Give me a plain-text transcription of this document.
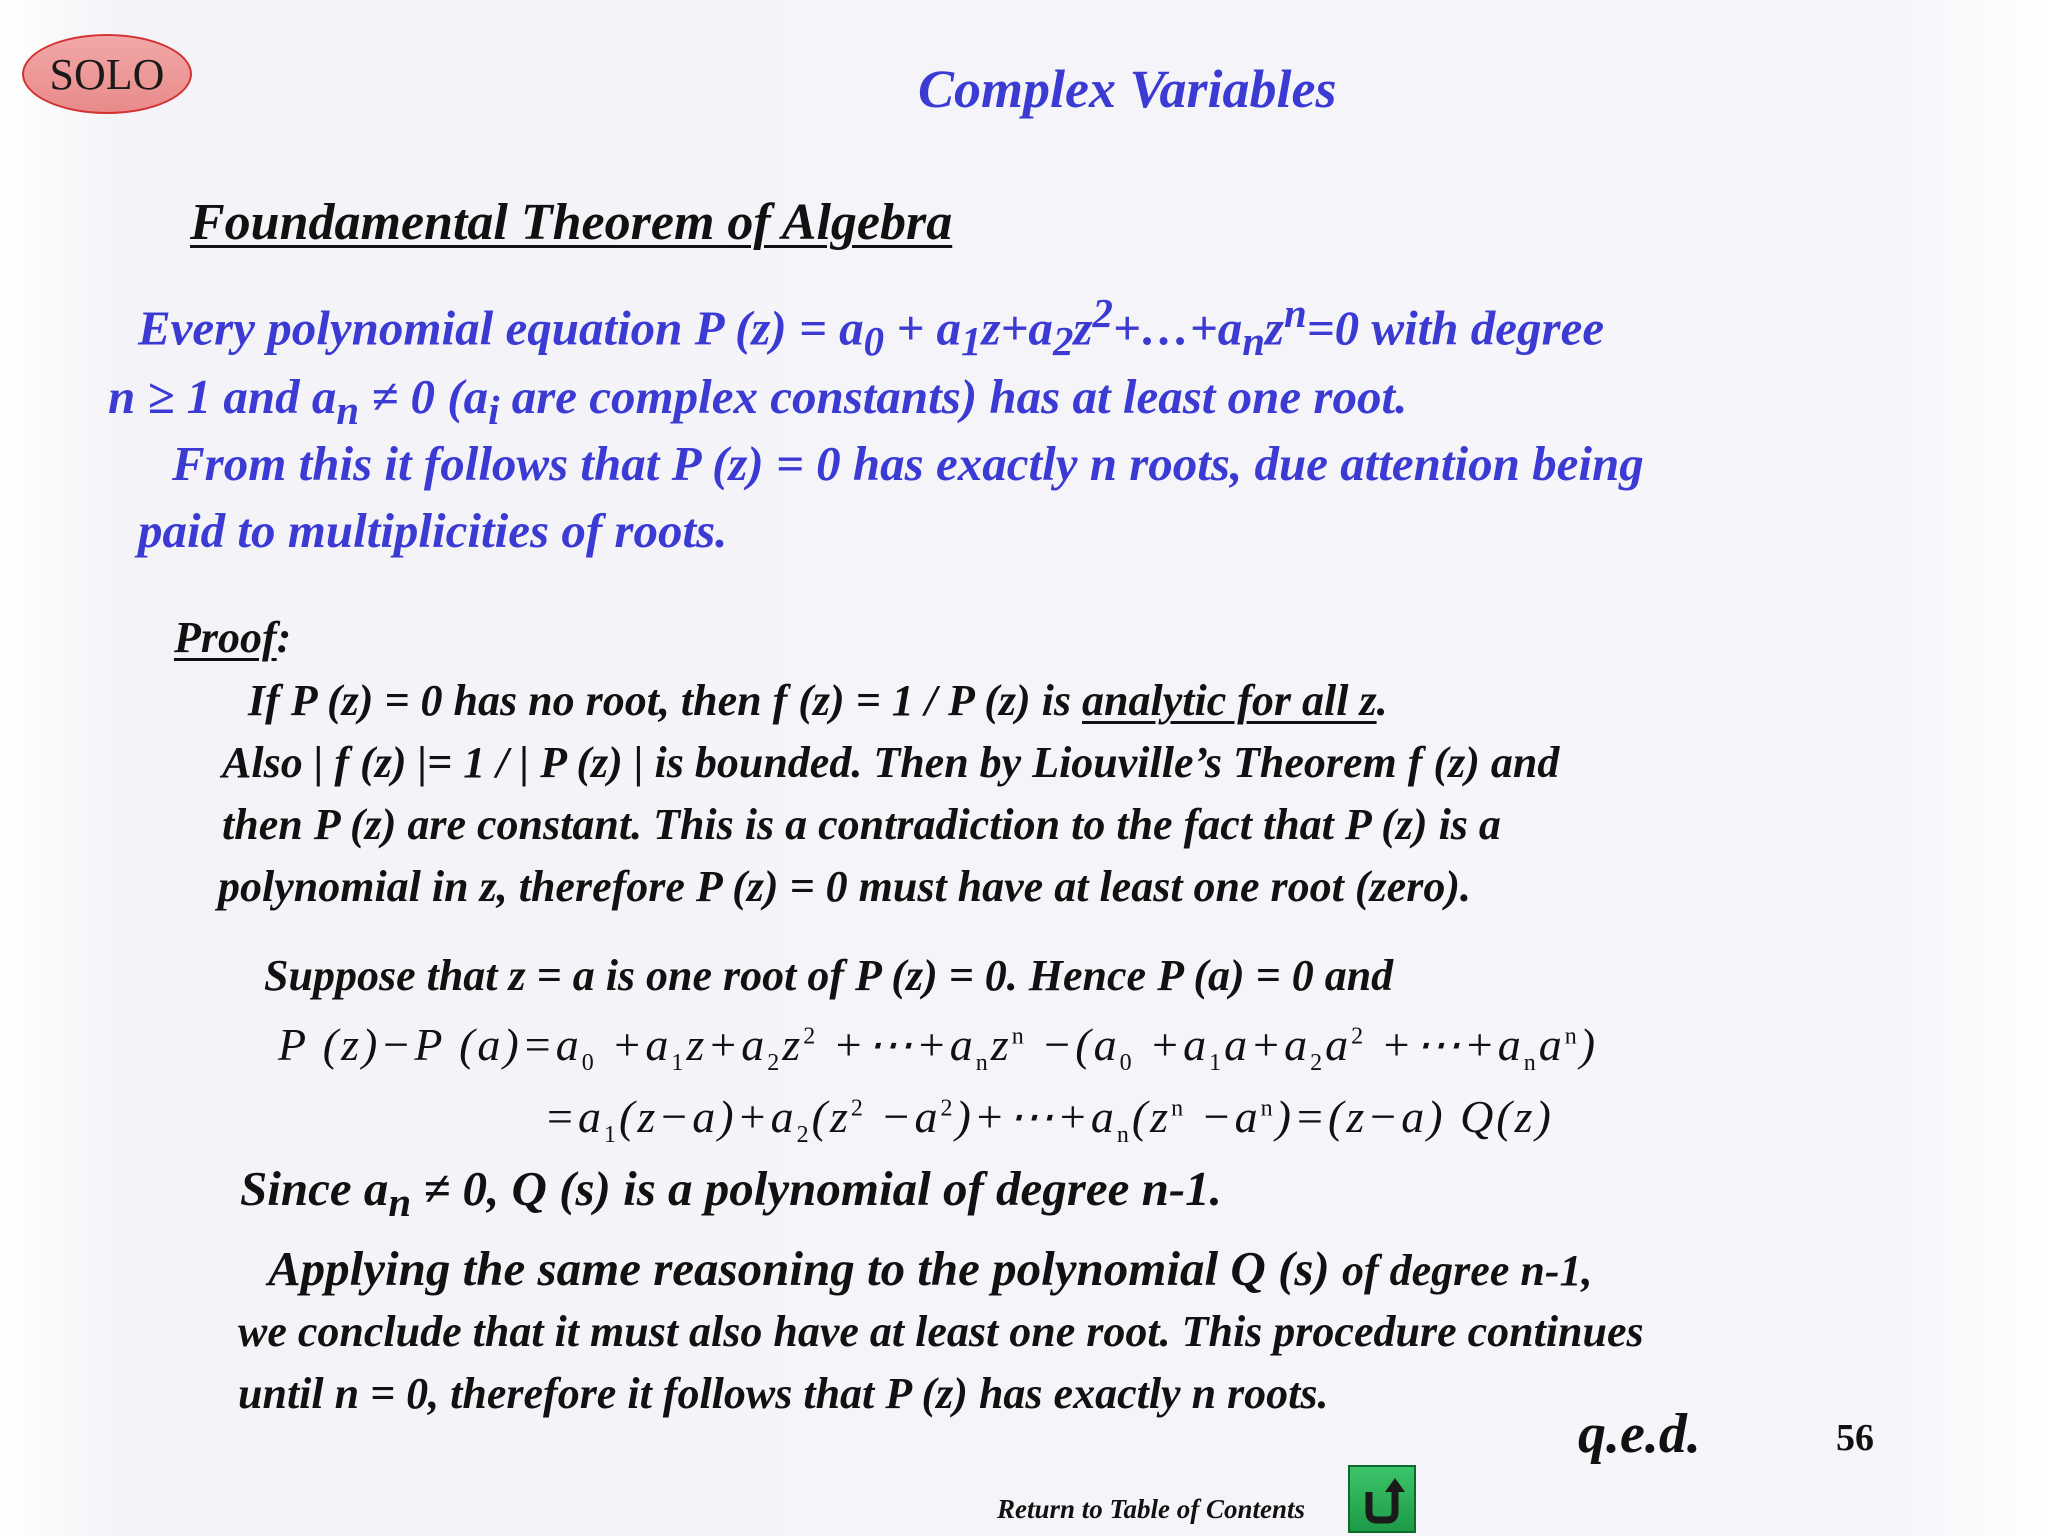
SOLO	Complex Variables
Foundamental Theorem of Algebra
Every polynomial equation P $(z) = a_0$ + $a_1z+a_2z^2+\dots+a_nz^n=0$ with degree
n ≥ 1 and $a_n \ne 0$ ($a_i$ are complex constants) has at least one root.
From this it follows that P (z) = 0 has exactly n roots, due attention being
paid to multiplicities of roots.
Proof:
If P (z) = 0 has no root, then f (z) = 1 / P (z) is analytic for all z.
Also | f (z) |= 1 / | P (z) | is bounded. Then by Liouville’s Theorem f (z) and
then P (z) are constant. This is a contradiction to the fact that P (z) is a
polynomial in z, therefore P (z) = 0 must have at least one root (zero).
Suppose that z = a is one root of P (z) = 0. Hence P (a) = 0 and
P (z)−P $(a)=a_0 +a_1z+a_2z^2$ $+\cdots+a_nz^n -(a_0 +a_1a+a_2a^2$ $+\cdots+a_na^n$)
$=a_1(z-a)+a_2(z^2$ $-a^2)+\cdots+a_n(z^n -a^n)=(z-a)$ Q(z)
Since $a_n \ne 0$, Q (s) is a polynomial of degree n-1.
Applying the same reasoning to the polynomial Q (s) of degree n-1,
we conclude that it must also have at least one root. This procedure continues
until n = 0, therefore it follows that P (z) has exactly n roots.
q.e.d.	56
Return to Table of Contents
